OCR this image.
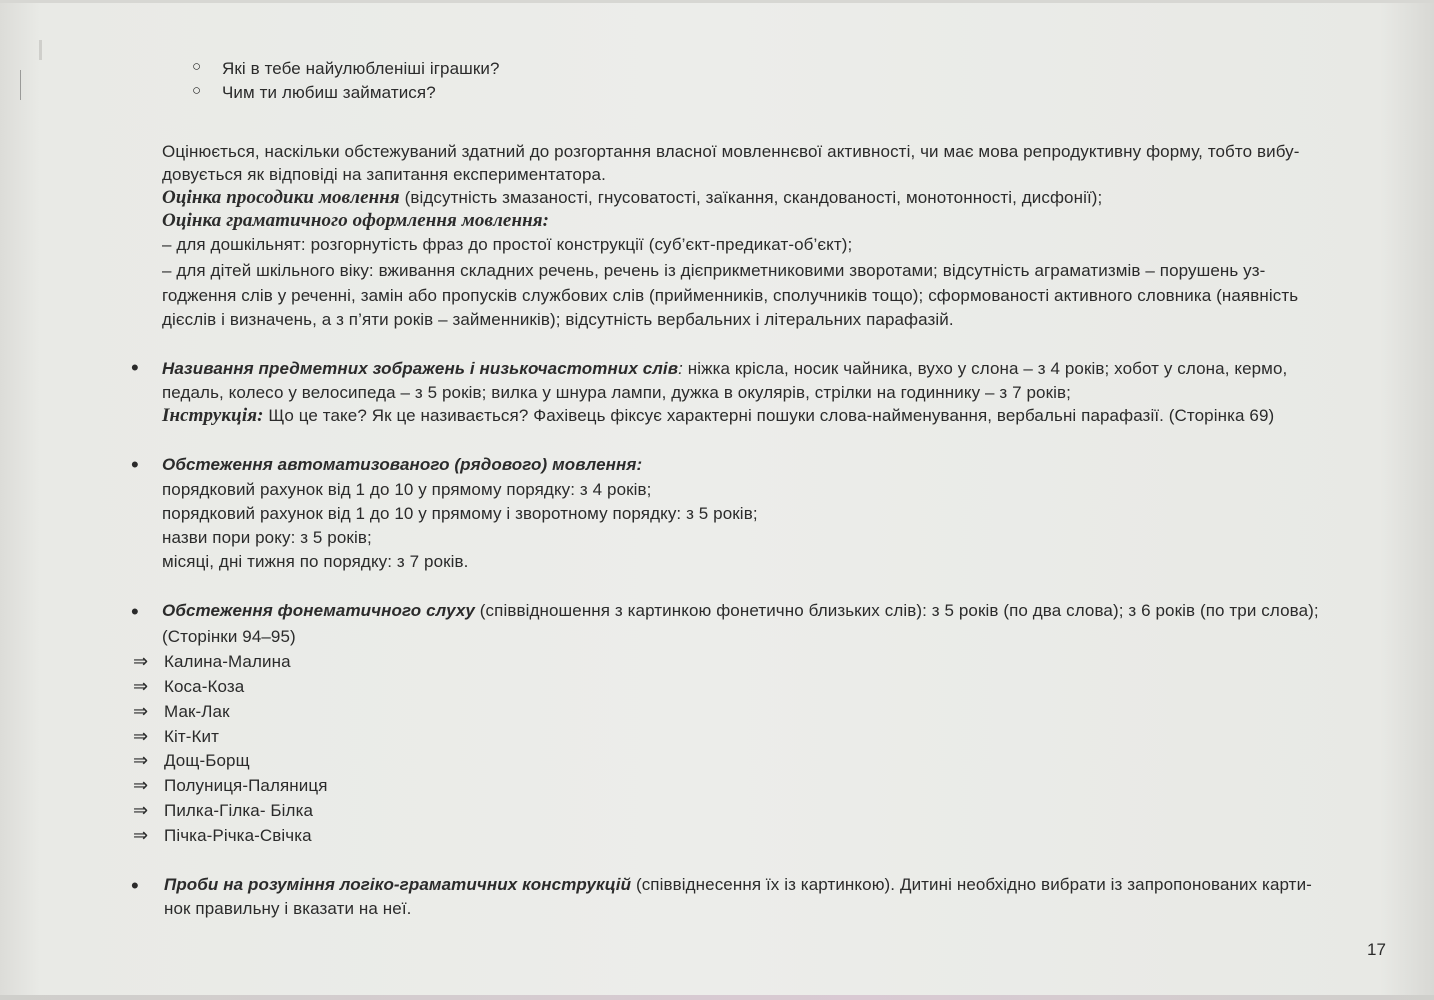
○ Які в тебе найулюбленіші іграшки?
○ Чим ти любиш займатися?
Оцінюється, наскільки обстежуваний здатний до розгортання власної мовленнєвої активності, чи має мова репродуктивну форму, тобто вибу-
довується як відповіді на запитання експериментатора.
Оцінка просодики мовлення (відсутність змазаності, гнусоватості, заїкання, скандованості, монотонності, дисфонії);
Оцінка граматичного оформлення мовлення:
– для дошкільнят: розгорнутість фраз до простої конструкції (суб’єкт-предикат-об’єкт);
– для дітей шкільного віку: вживання складних речень, речень із дієприкметниковими зворотами; відсутність аграматизмів – порушень уз-
годження слів у реченні, замін або пропусків службових слів (прийменників, сполучників тощо); сформованості активного словника (наявність
дієслів і визначень, а з п’яти років – займенників); відсутність вербальних і літеральних парафазій.
• Називання предметних зображень і низькочастотних слів: ніжка крісла, носик чайника, вухо у слона – з 4 років; хобот у слона, кермо,
педаль, колесо у велосипеда – з 5 років; вилка у шнура лампи, дужка в окулярів, стрілки на годиннику – з 7 років;
Інструкція: Що це таке? Як це називається? Фахівець фіксує характерні пошуки слова-найменування, вербальні парафазії. (Сторінка 69)
• Обстеження автоматизованого (рядового) мовлення:
порядковий рахунок від 1 до 10 у прямому порядку: з 4 років;
порядковий рахунок від 1 до 10 у прямому і зворотному порядку: з 5 років;
назви пори року: з 5 років;
місяці, дні тижня по порядку: з 7 років.
• Обстеження фонематичного слуху (співвідношення з картинкою фонетично близьких слів): з 5 років (по два слова); з 6 років (по три слова);
(Сторінки 94–95)
⇒ Калина-Малина
⇒ Коса-Коза
⇒ Мак-Лак
⇒ Кіт-Кит
⇒ Дощ-Борщ
⇒ Полуниця-Паляниця
⇒ Пилка-Гілка- Білка
⇒ Пічка-Річка-Свічка
• Проби на розуміння логіко-граматичних конструкцій (співвіднесення їх із картинкою). Дитині необхідно вибрати із запропонованих карти-
нок правильну і вказати на неї.
17
